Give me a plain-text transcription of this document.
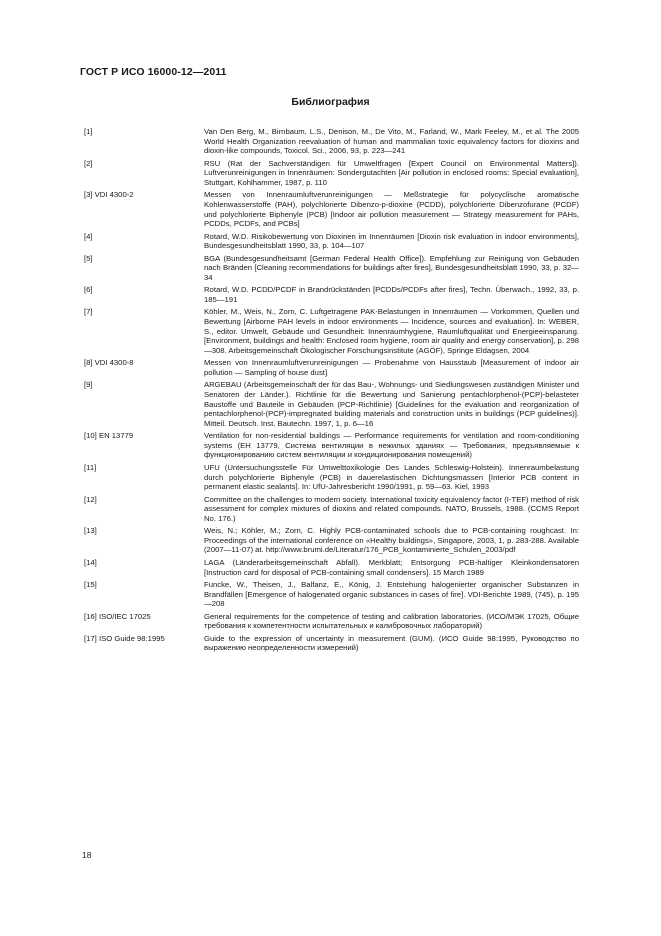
ГОСТ Р ИСО 16000-12—2011
Библиография
[1]	Van Den Berg, M., Birnbaum, L.S., Denison, M., De Vito, M., Farland, W., Mark Feeley, M., et al. The 2005 World Health Organization reevaluation of human and mammalian toxic equivalency factors for dioxins and dioxin-like compounds, Toxicol. Sci., 2006, 93, p. 223—241
[2]	RSU (Rat der Sachverständigen für Umweltfragen [Expert Council on Environmental Matters]). Luftverunreinigungen in Innenräumen: Sondergutachten [Air pollution in enclosed rooms: Special evaluation], Stuttgart, Kohlhammer, 1987, p. 110
[3] VDI 4300-2	Messen von Innenraumluftverunreinigungen — Meßstrategie für polycyclische aromatische Kohlenwasserstoffe (PAH), polychlorierte Dibenzo-p-dioxine (PCDD), polychlorierte Dibenzofurane (PCDF) und polychlorierte Biphenyle (PCB) [Indoor air pollution measurement — Strategy measurement for PAHs, PCDDs, PCDFs, and PCBs]
[4]	Rotard, W.D. Risikobewertung von Dioxinen im Innenräumen [Dioxin risk evaluation in indoor environments], Bundesgesundheitsblatt 1990, 33, p. 104—107
[5]	BGA (Bundesgesundheitsamt [German Federal Health Office]). Empfehlung zur Reinigung von Gebäuden nach Bränden [Cleaning recommendations for buildings after fires], Bundesgesundheitsblatt 1990, 33, p. 32—34
[6]	Rotard, W.D. PCDD/PCDF in Brandrückständen [PCDDs/PCDFs after fires], Techn. Überwach., 1992, 33, p. 185—191
[7]	Köhler, M., Weis, N., Zorn, C. Luftgetragene PAK-Belastungen in Innenräumen — Vorkommen, Quellen und Bewertung [Airborne PAH levels in indoor environments — Incidence, sources and evaluation]. In: WEBER, S., editor. Umwelt, Gebäude und Gesundheit: Innenraumhygiene, Raumluftqualität und Energieeinsparung. [Environment, buildings and health: Enclosed room hygiene, room air quality and energy conservation], p. 298—308. Arbeitsgemeinschaft Ökologischer Forschungsinstitute (AGÖF), Springe Eldagsen, 2004
[8] VDI 4300-8	Messen von Innenraumluftverunreinigungen — Probenahme von Hausstaub [Measurement of indoor air pollution — Sampling of house dust]
[9]	ARGEBAU (Arbeitsgemeinschaft der für das Bau-, Wohnungs- und Siedlungswesen zuständigen Minister und Senatoren der Länder.). Richtlinie für die Bewertung und Sanierung pentachlorphenol-(PCP)-belasteter Baustoffe und Bauteile in Gebäuden (PCP-Richtlinie) [Guidelines for the evaluation and reorganization of pentachlorphenol-(PCP)-impregnated building materials and construction units in buildings (PCP guidelines)]. Mitteil. Deutsch. Inst. Bautechn. 1997, 1, p. 6—16
[10] EN 13779	Ventilation for non-residential buildings — Performance requirements for ventilation and room-conditioning systems (ЕН 13779, Система вентиляции в нежилых зданиях — Требования, предъявляемые к функционированию систем вентиляции и кондиционирования помещений)
[11]	UFU (Untersuchungsstelle Für Umwelttoxikologie Des Landes Schleswig-Holstein). Innenraumbelastung durch polychlorierte Biphenyle (PCB) in dauerelastischen Dichtungsmassen [Interior PCB content in permanent elastic sealants]. In: UfU-Jahresbericht 1990/1991, p. 59—63. Kiel, 1993
[12]	Committee on the challenges to modern society. International toxicity equivalency factor (I-TEF) method of risk assessment for complex mixtures of dioxins and related compounds. NATO, Brussels, 1988. (CCMS Report No. 176.)
[13]	Weis, N.; Köhler, M.; Zorn, C. Highly PCB-contaminated schools due to PCB-containing roughcast. In: Proceedings of the international conference on «Healthy buildings», Singapore, 2003, 1, p. 283-288. Available (2007—11-07) at. http://www.brumi.de/Literatur/176_PCB_kontaminierte_Schulen_2003/pdf
[14]	LAGA (Länderarbeitsgemeinschaft Abfall). Merkblatt; Entsorgung PCB-haltiger Kleinkondensatoren [Instruction card for disposal of PCB-containing small condensers]. 15 March 1989
[15]	Funcke, W., Theisen, J., Balfanz, E., König, J. Entstehung halogenierter organischer Substanzen in Brandfällen [Emergence of halogenated organic substances in cases of fire]. VDI-Berichte 1989, (745), p. 195—208
[16] ISO/IEC 17025	General requirements for the competence of testing and calibration laboratories. (ИСО/МЭК 17025, Общие требования к компетентности испытательных и калибровочных лабораторий)
[17] ISO Guide 98:1995	Guide to the expression of uncertainty in measurement (GUM). (ИСО Guide 98:1995, Руководство по выражению неопределенности измерений)
18
